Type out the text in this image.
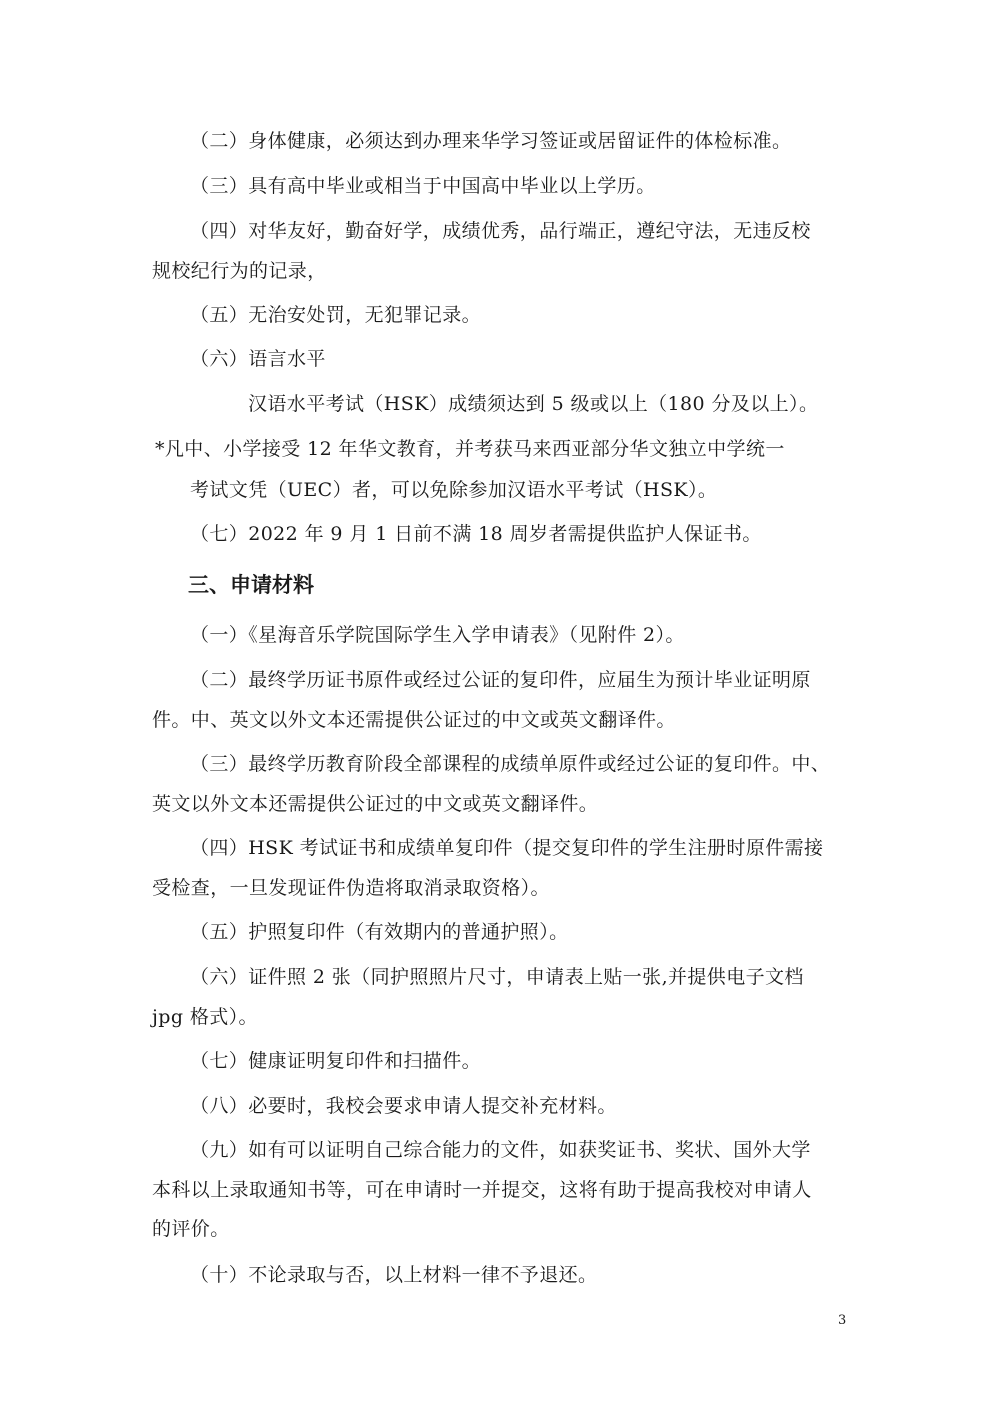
（二）身体健康，必须达到办理来华学习签证或居留证件的体检标准。
（三）具有高中毕业或相当于中国高中毕业以上学历。
（四）对华友好，勤奋好学，成绩优秀，品行端正，遵纪守法，无违反校
规校纪行为的记录，
（五）无治安处罚，无犯罪记录。
（六）语言水平
汉语水平考试（HSK）成绩须达到 5 级或以上（180 分及以上）。
*凡中、小学接受 12 年华文教育，并考获马来西亚部分华文独立中学统一
考试文凭（UEC）者，可以免除参加汉语水平考试（HSK）。
（七）2022 年 9 月 1 日前不满 18 周岁者需提供监护人保证书。
三、申请材料
（一）《星海音乐学院国际学生入学申请表》（见附件 2）。
（二）最终学历证书原件或经过公证的复印件，应届生为预计毕业证明原
件。中、英文以外文本还需提供公证过的中文或英文翻译件。
（三）最终学历教育阶段全部课程的成绩单原件或经过公证的复印件。中、
英文以外文本还需提供公证过的中文或英文翻译件。
（四）HSK 考试证书和成绩单复印件（提交复印件的学生注册时原件需接
受检查，一旦发现证件伪造将取消录取资格）。
（五）护照复印件（有效期内的普通护照）。
（六）证件照 2 张（同护照照片尺寸，申请表上贴一张,并提供电子文档
jpg 格式）。
（七）健康证明复印件和扫描件。
（八）必要时，我校会要求申请人提交补充材料。
（九）如有可以证明自己综合能力的文件，如获奖证书、奖状、国外大学
本科以上录取通知书等，可在申请时一并提交，这将有助于提高我校对申请人
的评价。
（十）不论录取与否，以上材料一律不予退还。
3
